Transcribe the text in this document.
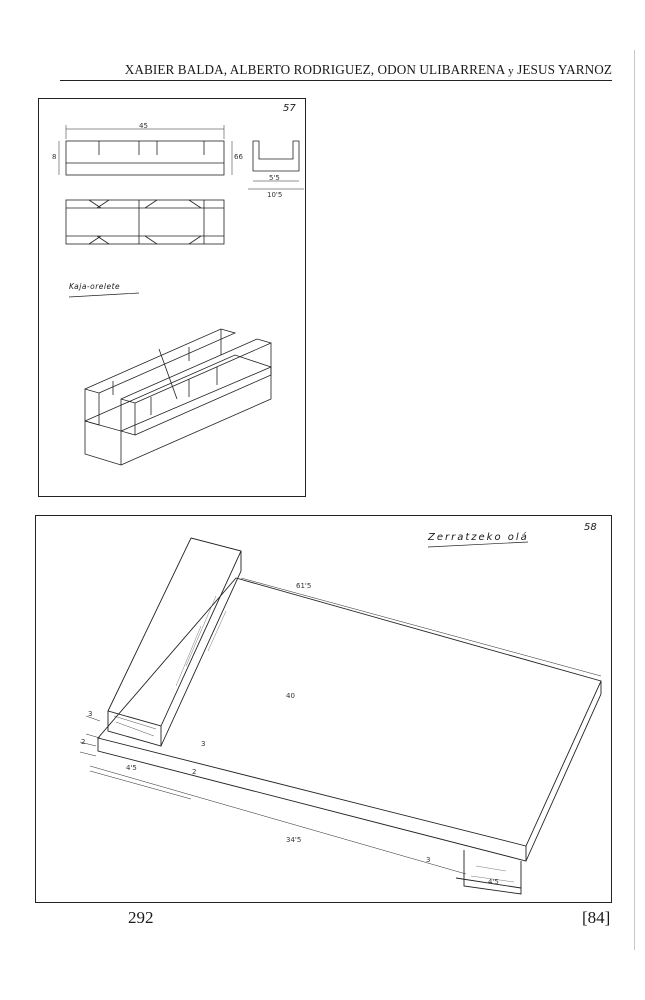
XABIER BALDA, ALBERTO RODRIGUEZ, ODON ULIBARRENA y JESUS YARNOZ
57
Kaja-orelete
45
8	66
5'5
10'5
58
Zerratzeko olá
61'5
40
3
2
4'5	2
3
34'5
3
4'5
292	[84]
